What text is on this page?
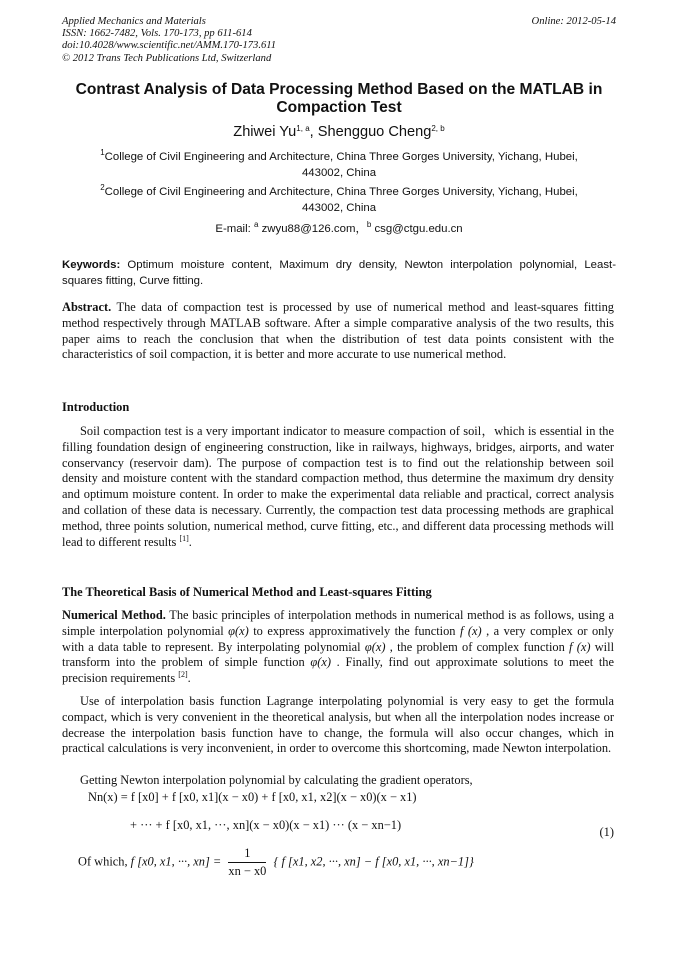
Applied Mechanics and Materials
ISSN: 1662-7482, Vols. 170-173, pp 611-614
doi:10.4028/www.scientific.net/AMM.170-173.611
© 2012 Trans Tech Publications Ltd, Switzerland
Online: 2012-05-14
Contrast Analysis of Data Processing Method Based on the MATLAB in
Compaction Test
Zhiwei Yu$^{1, a}$, Shengguo Cheng$^{2, b}$
$^1$College of Civil Engineering and Architecture, China Three Gorges University, Yichang, Hubei,
443002, China
$^2$College of Civil Engineering and Architecture, China Three Gorges University, Yichang, Hubei,
443002, China
E-mail: $^a$ zwyu88@126.com，$^b$ csg@ctgu.edu.cn
Keywords: Optimum moisture content, Maximum dry density, Newton interpolation polynomial, Least-squares fitting, Curve fitting.
Abstract. The data of compaction test is processed by use of numerical method and least-squares fitting method respectively through MATLAB software. After a simple comparative analysis of the two results, this paper aims to reach the conclusion that when the distribution of test data points consistent with the characteristics of soil compaction, it is better and more accurate to use numerical method.
Introduction
Soil compaction test is a very important indicator to measure compaction of soil，which is essential in the filling foundation design of engineering construction, like in railways, highways, bridges, airports, and water conservancy (reservoir dam). The purpose of compaction test is to find out the relationship between soil density and moisture content with the standard compaction method, thus determine the maximum dry density and optimum moisture content. In order to make the experimental data reliable and practical, correct analysis and collation of these data is necessary. Currently, the compaction test data processing methods are graphical method, three points solution, numerical method, curve fitting, etc., and different data processing methods will lead to different results [1].
The Theoretical Basis of Numerical Method and Least-squares Fitting
Numerical Method. The basic principles of interpolation methods in numerical method is as follows, using a simple interpolation polynomial φ(x) to express approximatively the function f (x) , a very complex or only with a data table to represent. By interpolating polynomial φ(x) , the problem of complex function f (x) will transform into the problem of simple function φ(x) . Finally, find out approximate solutions to meet the precision requirements [2].
Use of interpolation basis function Lagrange interpolating polynomial is very easy to get the formula compact, which is very convenient in the theoretical analysis, but when all the interpolation nodes increase or decrease the interpolation basis function have to change, the formula will also occur changes, which in practical calculations is very inconvenient, in order to overcome this shortcoming, made Newton interpolation.
Getting Newton interpolation polynomial by calculating the gradient operators,
Nn(x) = f [x0] + f [x0, x1](x − x0) + f [x0, x1, x2](x − x0)(x − x1)
+ ··· + f [x0, x1, ···, xn](x − x0)(x − x1) ··· (x − xn−1)	(1)
Of which, f [x0, x1, ···, $xn] = \frac{1}{xn - x0}$ { f [x1, x2, ···, xn] − f [x0, x1, ···, xn−1]}
